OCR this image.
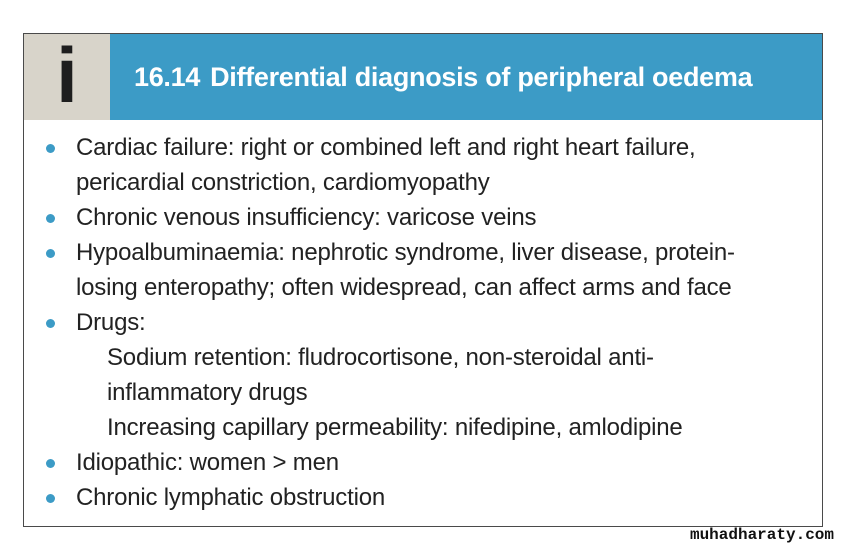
i 16.14 Differential diagnosis of peripheral oedema
Cardiac failure: right or combined left and right heart failure,
pericardial constriction, cardiomyopathy
Chronic venous insufficiency: varicose veins
Hypoalbuminaemia: nephrotic syndrome, liver disease, protein-
losing enteropathy; often widespread, can affect arms and face
Drugs:
Sodium retention: fludrocortisone, non-steroidal anti-
inflammatory drugs
Increasing capillary permeability: nifedipine, amlodipine
Idiopathic: women > men
Chronic lymphatic obstruction
muhadharaty.com
